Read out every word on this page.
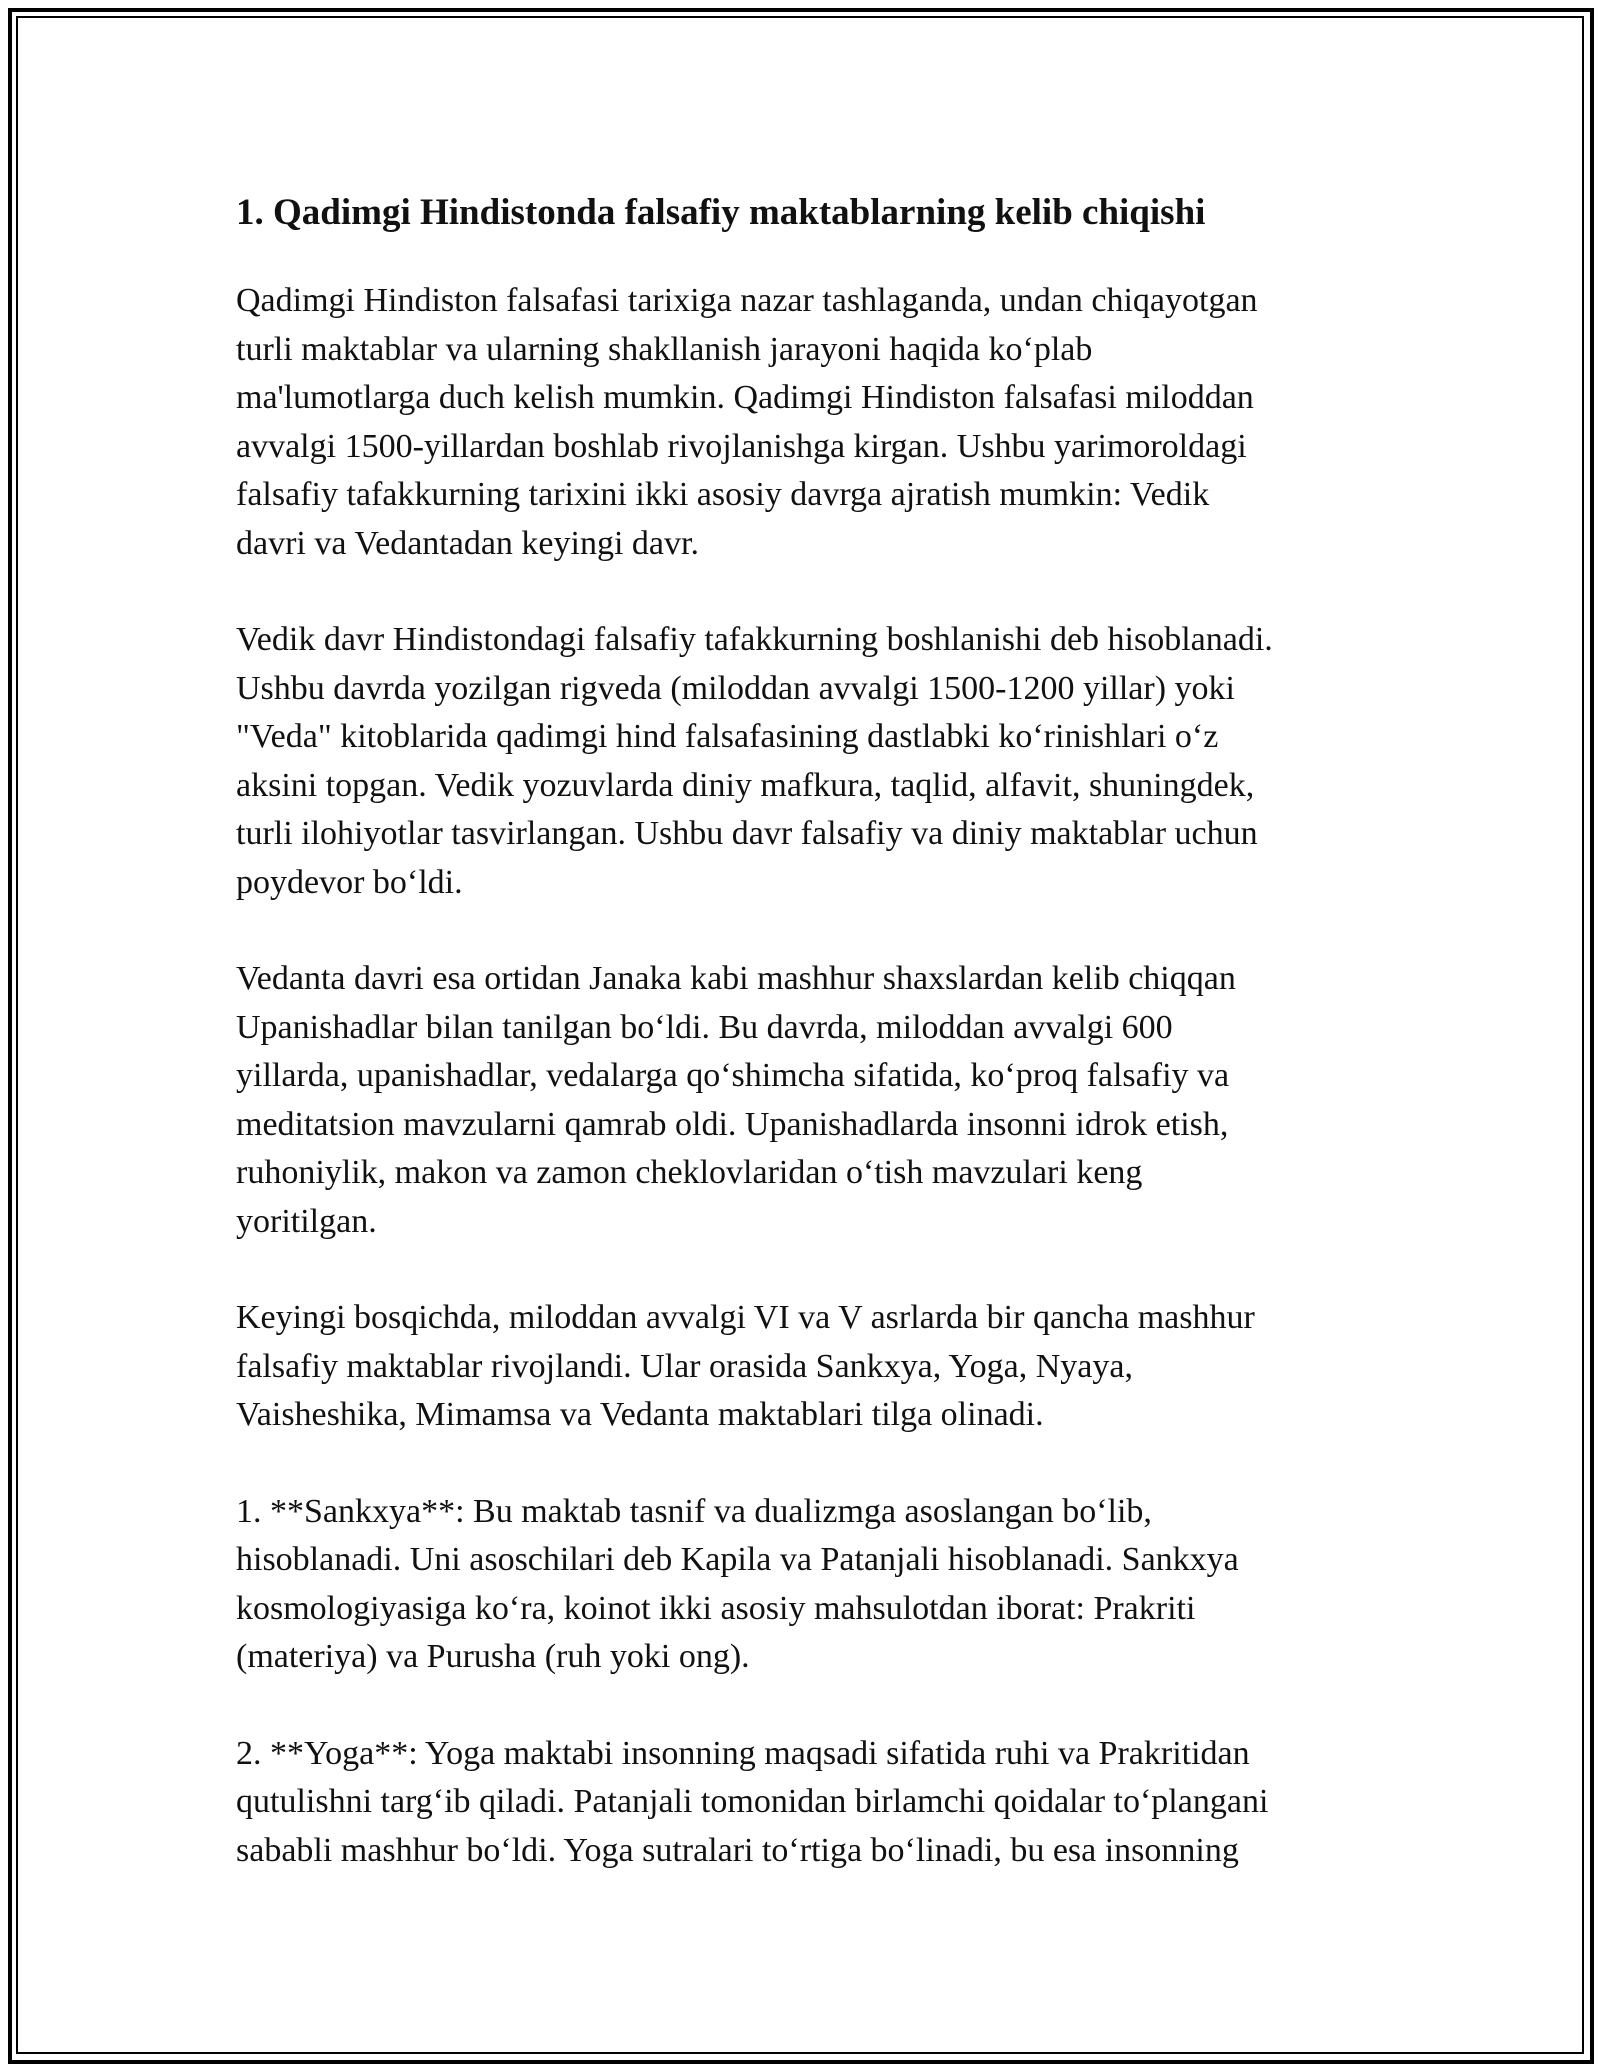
1. Qadimgi Hindistonda falsafiy maktablarning kelib chiqishi

Qadimgi Hindiston falsafasi tarixiga nazar tashlaganda, undan chiqayotgan
turli maktablar va ularning shakllanish jarayoni haqida ko‘plab
ma'lumotlarga duch kelish mumkin. Qadimgi Hindiston falsafasi miloddan
avvalgi 1500-yillardan boshlab rivojlanishga kirgan. Ushbu yarimoroldagi
falsafiy tafakkurning tarixini ikki asosiy davrga ajratish mumkin: Vedik
davri va Vedantadan keyingi davr.

Vedik davr Hindistondagi falsafiy tafakkurning boshlanishi deb hisoblanadi.
Ushbu davrda yozilgan rigveda (miloddan avvalgi 1500-1200 yillar) yoki
"Veda" kitoblarida qadimgi hind falsafasining dastlabki ko‘rinishlari o‘z
aksini topgan. Vedik yozuvlarda diniy mafkura, taqlid, alfavit, shuningdek,
turli ilohiyotlar tasvirlangan. Ushbu davr falsafiy va diniy maktablar uchun
poydevor bo‘ldi.

Vedanta davri esa ortidan Janaka kabi mashhur shaxslardan kelib chiqqan
Upanishadlar bilan tanilgan bo‘ldi. Bu davrda, miloddan avvalgi 600
yillarda, upanishadlar, vedalarga qo‘shimcha sifatida, ko‘proq falsafiy va
meditatsion mavzularni qamrab oldi. Upanishadlarda insonni idrok etish,
ruhoniylik, makon va zamon cheklovlaridan o‘tish mavzulari keng
yoritilgan.

Keyingi bosqichda, miloddan avvalgi VI va V asrlarda bir qancha mashhur
falsafiy maktablar rivojlandi. Ular orasida Sankxya, Yoga, Nyaya,
Vaisheshika, Mimamsa va Vedanta maktablari tilga olinadi.

1. **Sankxya**: Bu maktab tasnif va dualizmga asoslangan bo‘lib,
hisoblanadi. Uni asoschilari deb Kapila va Patanjali hisoblanadi. Sankxya
kosmologiyasiga ko‘ra, koinot ikki asosiy mahsulotdan iborat: Prakriti
(materiya) va Purusha (ruh yoki ong).

2. **Yoga**: Yoga maktabi insonning maqsadi sifatida ruhi va Prakritidan
qutulishni targ‘ib qiladi. Patanjali tomonidan birlamchi qoidalar to‘plangani
sababli mashhur bo‘ldi. Yoga sutralari to‘rtiga bo‘linadi, bu esa insonning
